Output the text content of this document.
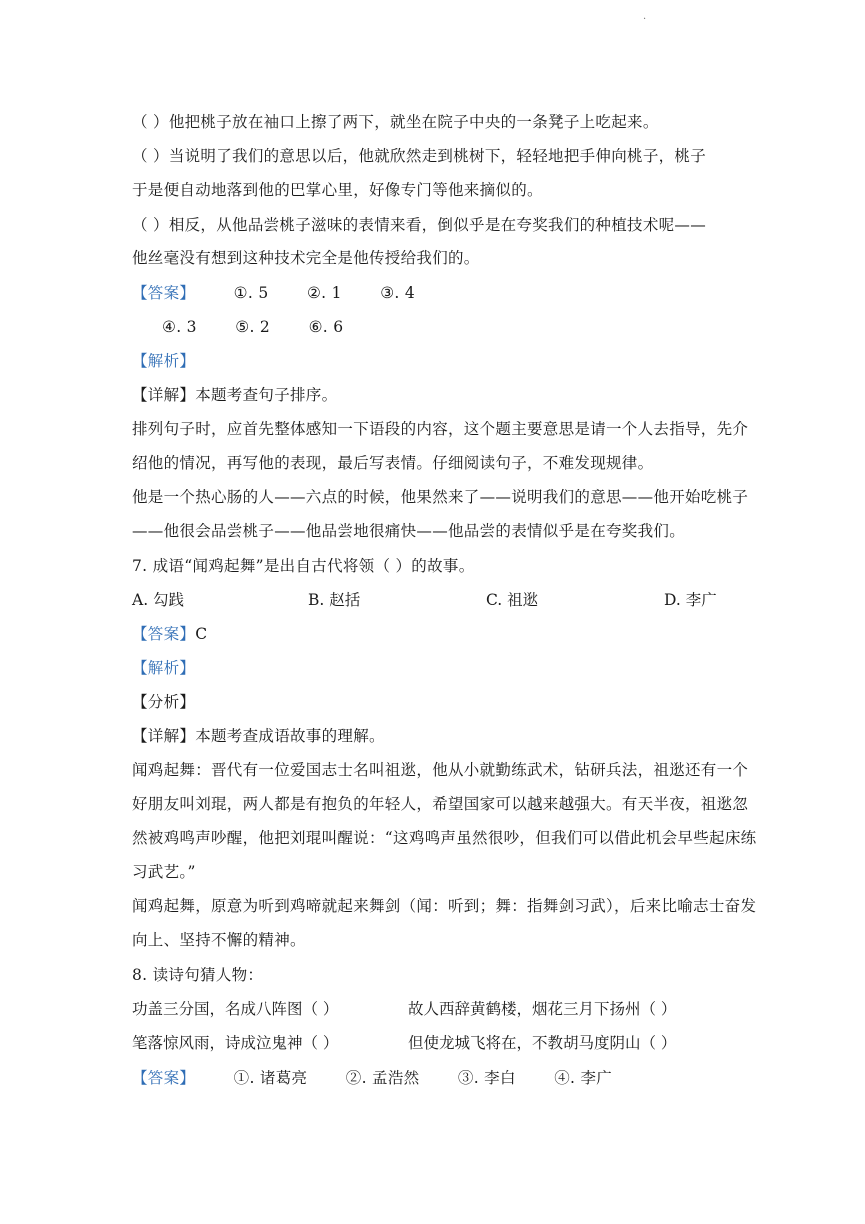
·
（ ）他把桃子放在袖口上擦了两下，就坐在院子中央的一条凳子上吃起来。
（ ）当说明了我们的意思以后，他就欣然走到桃树下，轻轻地把手伸向桃子，桃子
于是便自动地落到他的巴掌心里，好像专门等他来摘似的。
（ ）相反，从他品尝桃子滋味的表情来看，倒似乎是在夸奖我们的种植技术呢——
他丝毫没有想到这种技术完全是他传授给我们的。
【答案】 ①. 5 ②. 1 ③. 4
④. 3 ⑤. 2 ⑥. 6
【解析】
【详解】本题考查句子排序。
排列句子时，应首先整体感知一下语段的内容，这个题主要意思是请一个人去指导，先介
绍他的情况，再写他的表现，最后写表情。仔细阅读句子，不难发现规律。
他是一个热心肠的人——六点的时候，他果然来了——说明我们的意思——他开始吃桃子
——他很会品尝桃子——他品尝地很痛快——他品尝的表情似乎是在夸奖我们。
7. 成语“闻鸡起舞”是出自古代将领（ ）的故事。
A. 勾践	B. 赵括	C. 祖逖	D. 李广
【答案】C
【解析】
【分析】
【详解】本题考查成语故事的理解。
闻鸡起舞：晋代有一位爱国志士名叫祖逖，他从小就勤练武术，钻研兵法，祖逖还有一个
好朋友叫刘琨，两人都是有抱负的年轻人，希望国家可以越来越强大。有天半夜，祖逖忽
然被鸡鸣声吵醒，他把刘琨叫醒说：“这鸡鸣声虽然很吵，但我们可以借此机会早些起床练
习武艺。”
闻鸡起舞，原意为听到鸡啼就起来舞剑（闻：听到；舞：指舞剑习武），后来比喻志士奋发
向上、坚持不懈的精神。
8. 读诗句猜人物：
功盖三分国，名成八阵图（ ）	故人西辞黄鹤楼，烟花三月下扬州（ ）
笔落惊风雨，诗成泣鬼神（ ）	但使龙城飞将在，不教胡马度阴山（ ）
【答案】 ①. 诸葛亮 ②. 孟浩然 ③. 李白 ④. 李广
